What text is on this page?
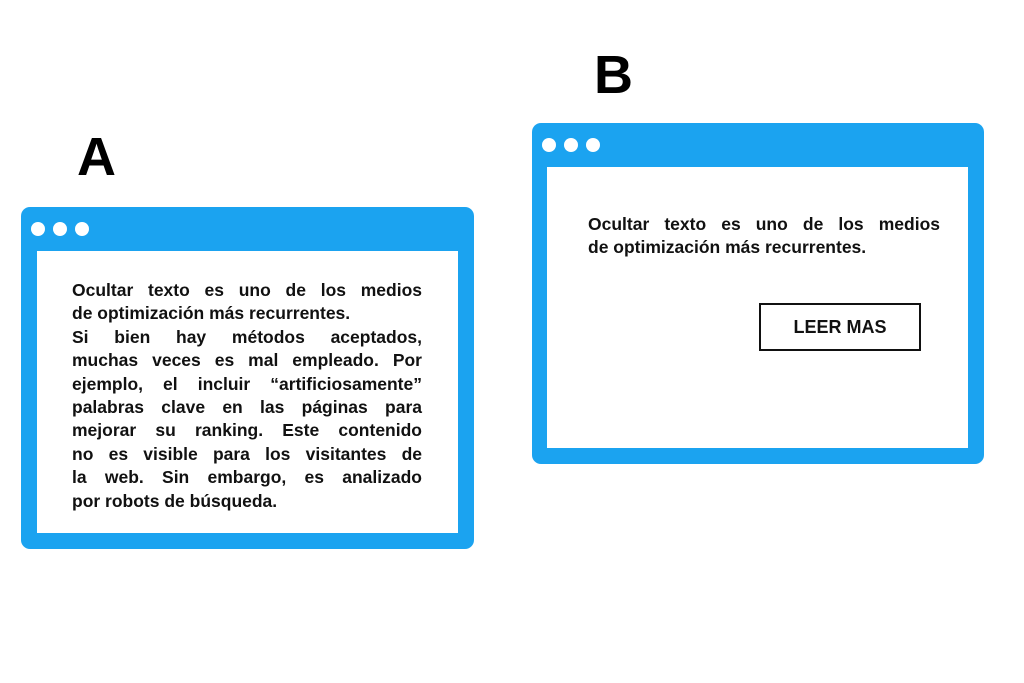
A
B

Ocultar texto es uno de los medios
de optimización más recurrentes.
Si bien hay métodos aceptados,
muchas veces es mal empleado. Por
ejemplo, el incluir “artificiosamente”
palabras clave en las páginas para
mejorar su ranking. Este contenido
no es visible para los visitantes de
la web. Sin embargo, es analizado
por robots de búsqueda.

Ocultar texto es uno de los medios
de optimización más recurrentes.

LEER MAS
